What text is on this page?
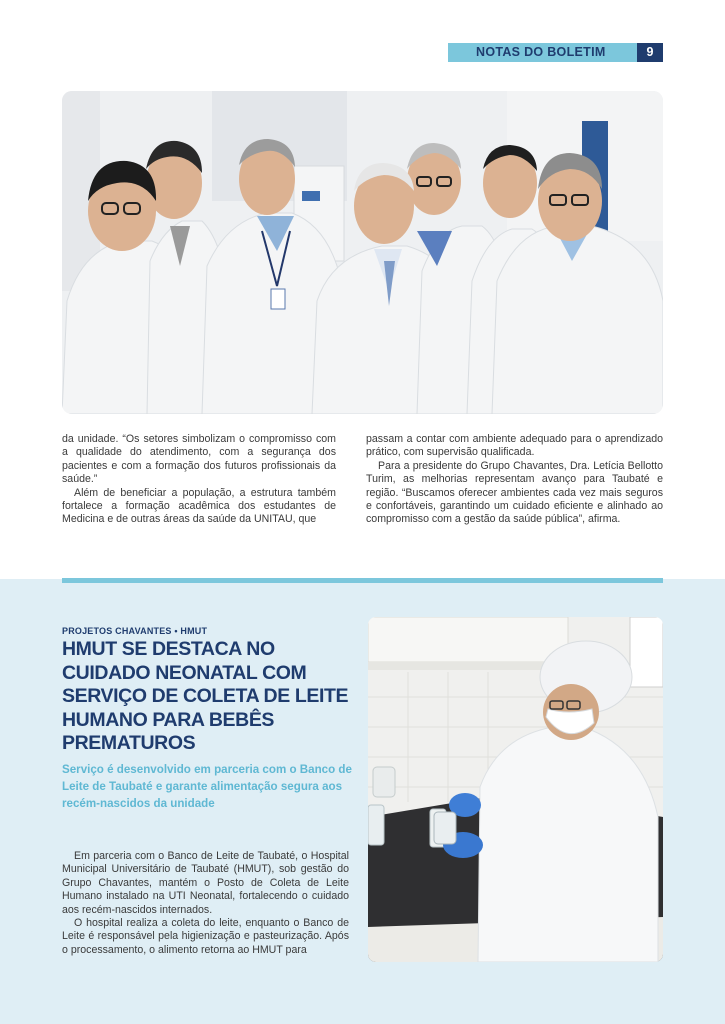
NOTAS DO BOLETIM	9

da unidade. “Os setores simbolizam o compromisso com a qualidade do atendimento, com a segurança dos pacientes e com a formação dos futuros profissionais da saúde.”

Além de beneficiar a população, a estrutura também fortalece a formação acadêmica dos estudantes de Medicina e de outras áreas da saúde da UNITAU, que

passam a contar com ambiente adequado para o aprendizado prático, com supervisão qualificada.

Para a presidente do Grupo Chavantes, Dra. Letícia Bellotto Turim, as melhorias representam avanço para Taubaté e região. “Buscamos oferecer ambientes cada vez mais seguros e confortáveis, garantindo um cuidado eficiente e alinhado ao compromisso com a gestão da saúde pública”, afirma.

PROJETOS CHAVANTES • HMUT
HMUT SE DESTACA NO CUIDADO NEONATAL COM SERVIÇO DE COLETA DE LEITE HUMANO PARA BEBÊS PREMATUROS
Serviço é desenvolvido em parceria com o Banco de Leite de Taubaté e garante alimentação segura aos recém-nascidos da unidade

Em parceria com o Banco de Leite de Taubaté, o Hospital Municipal Universitário de Taubaté (HMUT), sob gestão do Grupo Chavantes, mantém o Posto de Coleta de Leite Humano instalado na UTI Neonatal, fortalecendo o cuidado aos recém-nascidos internados.

O hospital realiza a coleta do leite, enquanto o Banco de Leite é responsável pela higienização e pasteurização. Após o processamento, o alimento retorna ao HMUT para
